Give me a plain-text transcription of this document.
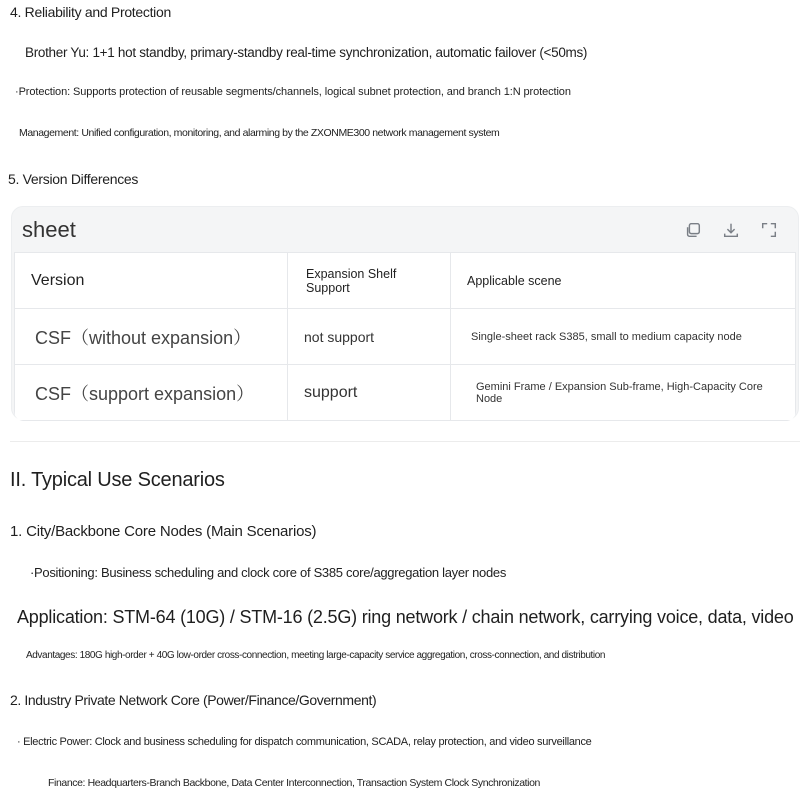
4. Reliability and Protection
Brother Yu: 1+1 hot standby, primary-standby real-time synchronization, automatic failover (<50ms)
·Protection: Supports protection of reusable segments/channels, logical subnet protection, and branch 1:N protection
Management: Unified configuration, monitoring, and alarming by the ZXONME300 network management system
5. Version Differences
sheet
Version	Expansion Shelf Support	Applicable scene
CSF（without expansion）	not support	Single-sheet rack S385, small to medium capacity node
CSF（support expansion）	support	Gemini Frame / Expansion Sub-frame, High-Capacity Core Node
II. Typical Use Scenarios
1. City/Backbone Core Nodes (Main Scenarios)
·Positioning: Business scheduling and clock core of S385 core/aggregation layer nodes
Application: STM-64 (10G) / STM-16 (2.5G) ring network / chain network, carrying voice, data, video
Advantages: 180G high-order + 40G low-order cross-connection, meeting large-capacity service aggregation, cross-connection, and distribution
2. Industry Private Network Core (Power/Finance/Government)
· Electric Power: Clock and business scheduling for dispatch communication, SCADA, relay protection, and video surveillance
Finance: Headquarters-Branch Backbone, Data Center Interconnection, Transaction System Clock Synchronization
